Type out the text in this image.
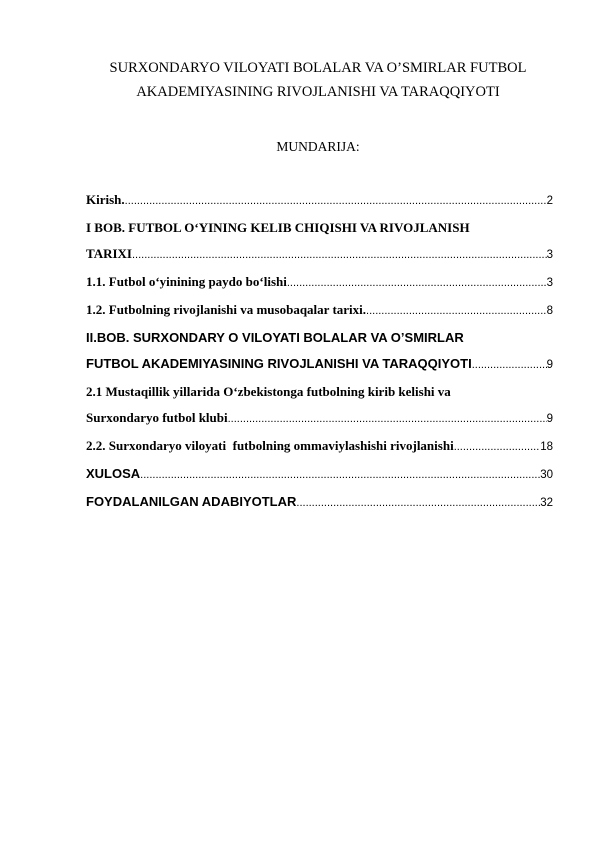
SURXONDARYO VILOYATI BOLALAR VA O’SMIRLAR FUTBOL
AKADEMIYASINING RIVOJLANISHI VA TARAQQIYOTI
MUNDARIJA:
Kirish. .....	2
I BOB. FUTBOL O‘YINING KELIB CHIQISHI VA RIVOJLANISH
TARIXI .....	3
1.1. Futbol o‘yinining paydo bo‘lishi .....	3
1.2. Futbolning rivojlanishi va musobaqalar tarixi. .....	8
II.BOB. SURXONDARY O VILOYATI BOLALAR VA O’SMIRLAR
FUTBOL AKADEMIYASINING RIVOJLANISHI VA TARAQQIYOTI .....	9
2.1 Mustaqillik yillarida O‘zbekistonga futbolning kirib kelishi va
Surxondaryo futbol klubi .....	9
2.2. Surxondaryo viloyati  futbolning ommaviylashishi rivojlanishi .....	18
XULOSA .....	30
FOYDALANILGAN ADABIYOTLAR .....	32
